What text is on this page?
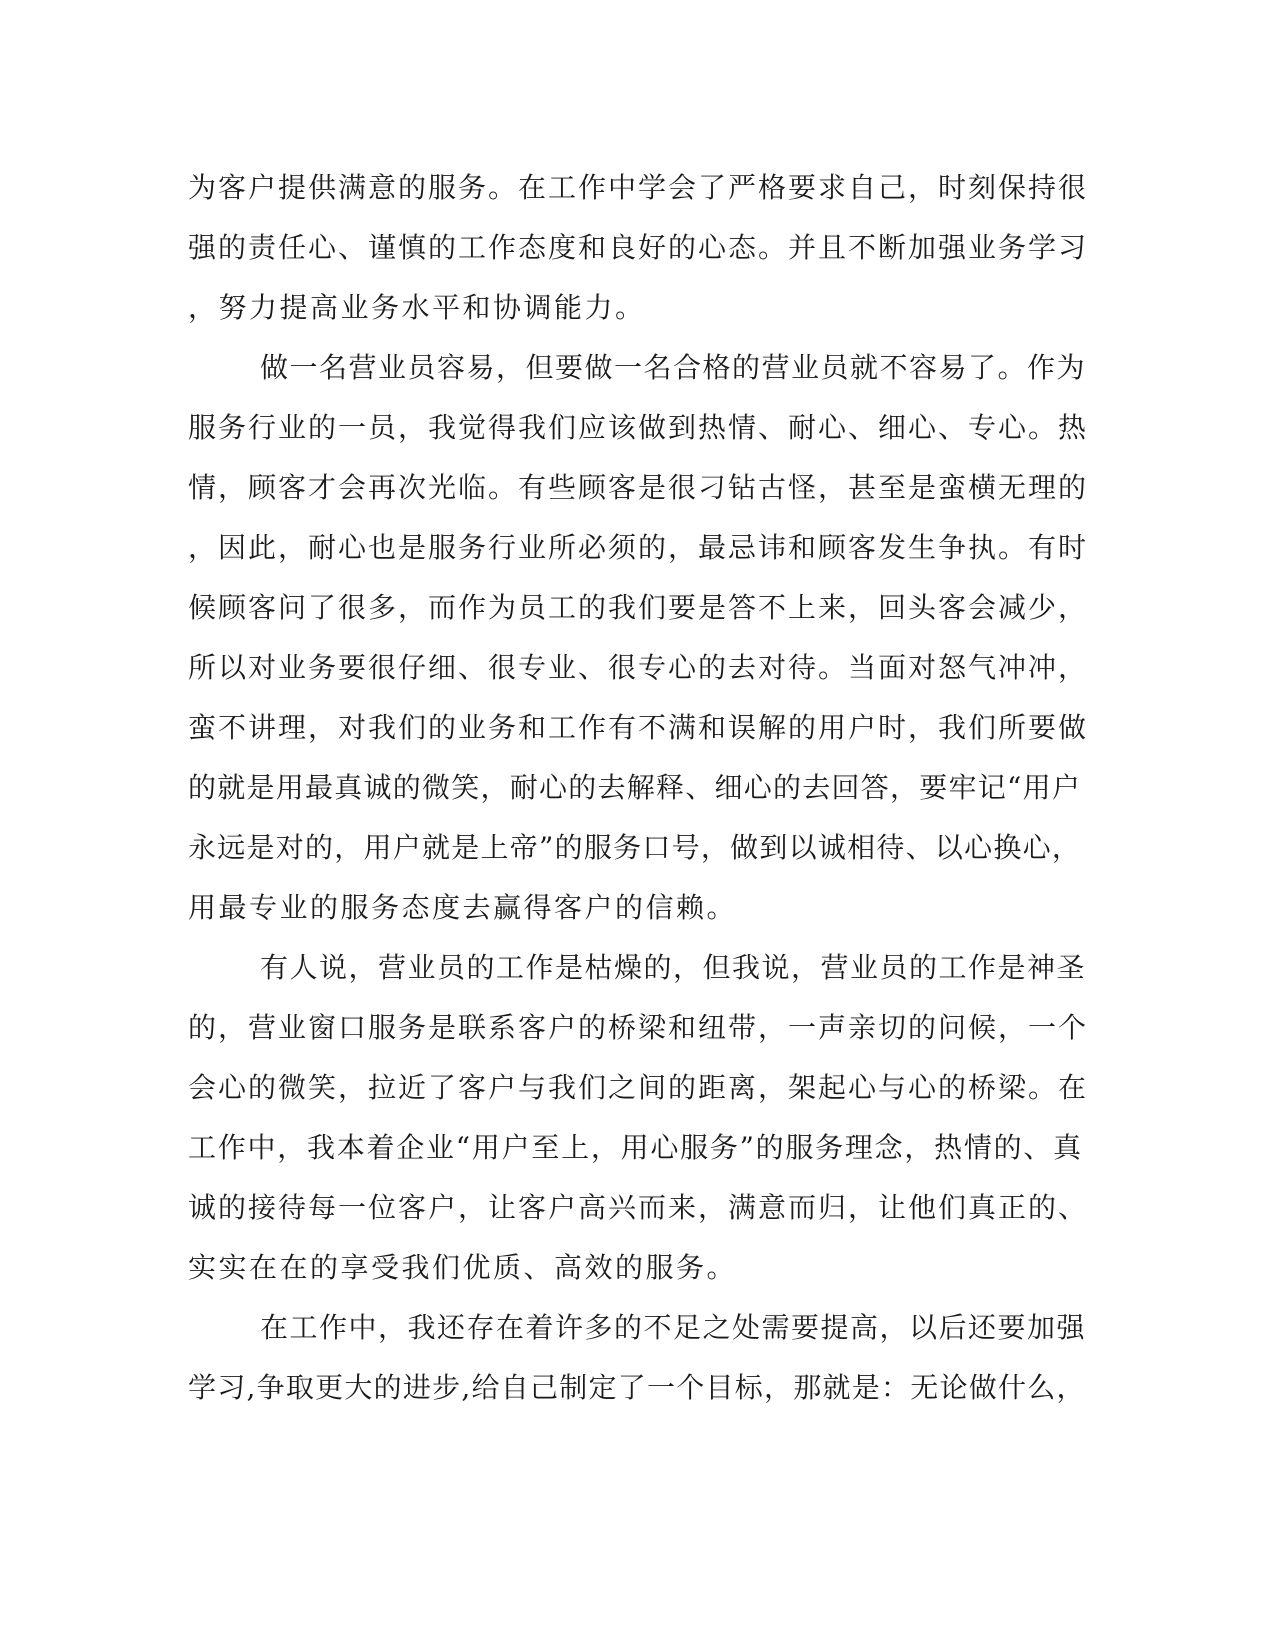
为客户提供满意的服务。在工作中学会了严格要求自己，时刻保持很
强的责任心、谨慎的工作态度和良好的心态。并且不断加强业务学习
，努力提高业务水平和协调能力。
做一名营业员容易，但要做一名合格的营业员就不容易了。作为
服务行业的一员，我觉得我们应该做到热情、耐心、细心、专心。热
情，顾客才会再次光临。有些顾客是很刁钻古怪，甚至是蛮横无理的
，因此，耐心也是服务行业所必须的，最忌讳和顾客发生争执。有时
候顾客问了很多，而作为员工的我们要是答不上来，回头客会减少，
所以对业务要很仔细、很专业、很专心的去对待。当面对怒气冲冲，
蛮不讲理，对我们的业务和工作有不满和误解的用户时，我们所要做
的就是用最真诚的微笑，耐心的去解释、细心的去回答，要牢记“用户
永远是对的，用户就是上帝”的服务口号，做到以诚相待、以心换心，
用最专业的服务态度去赢得客户的信赖。
有人说，营业员的工作是枯燥的，但我说，营业员的工作是神圣
的，营业窗口服务是联系客户的桥梁和纽带，一声亲切的问候，一个
会心的微笑，拉近了客户与我们之间的距离，架起心与心的桥梁。在
工作中，我本着企业“用户至上，用心服务”的服务理念，热情的、真
诚的接待每一位客户，让客户高兴而来，满意而归，让他们真正的、
实实在在的享受我们优质、高效的服务。
在工作中，我还存在着许多的不足之处需要提高，以后还要加强
学习,争取更大的进步,给自己制定了一个目标，那就是：无论做什么，
